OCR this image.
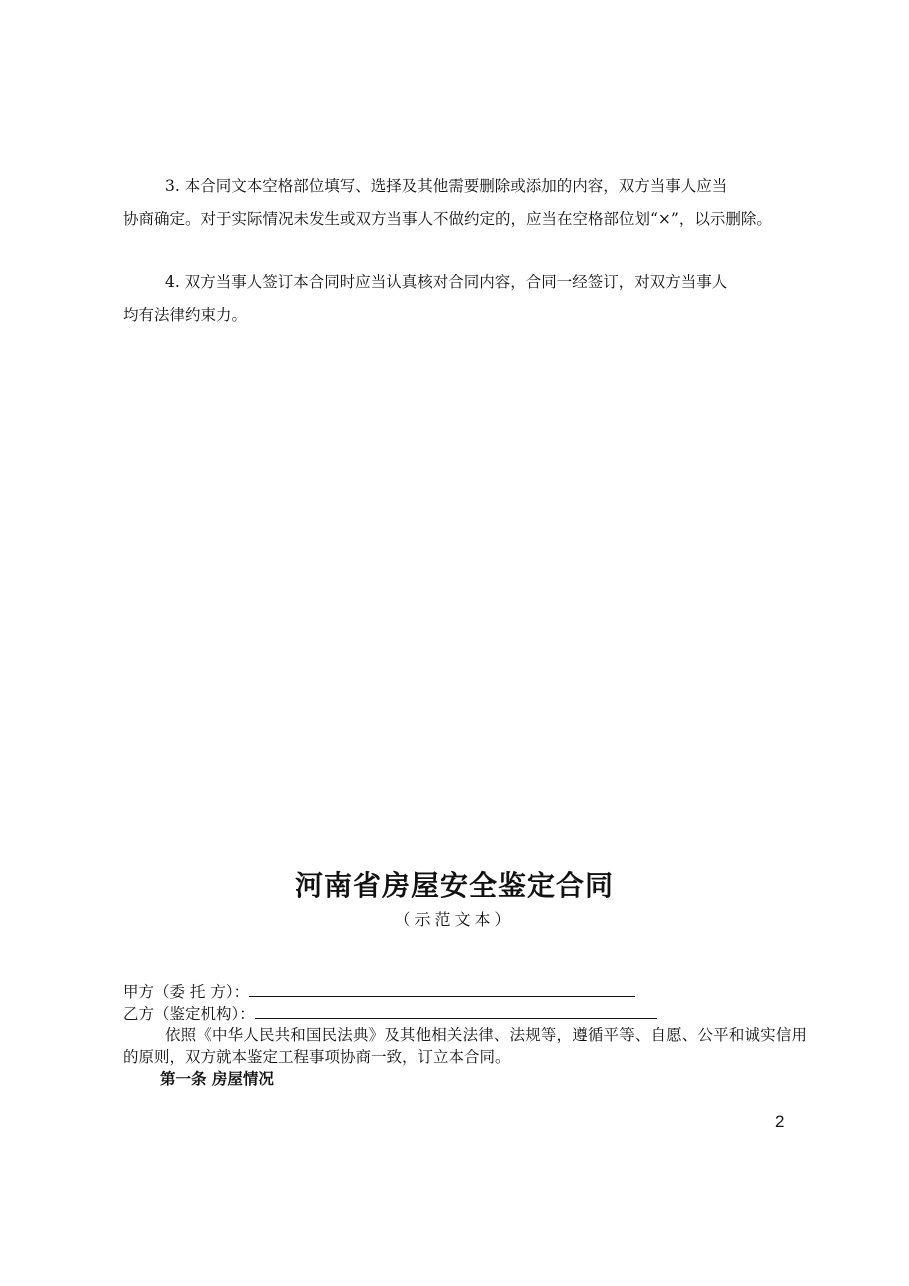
3. 本合同文本空格部位填写、选择及其他需要删除或添加的内容，双方当事人应当
协商确定。对于实际情况未发生或双方当事人不做约定的，应当在空格部位划“×”，以示删除。
4. 双方当事人签订本合同时应当认真核对合同内容，合同一经签订，对双方当事人
均有法律约束力。
河南省房屋安全鉴定合同
（示范文本）
甲方（委 托 方）：
乙方（鉴定机构）：
依照《中华人民共和国民法典》及其他相关法律、法规等，遵循平等、自愿、公平和诚实信用的原则，双方就本鉴定工程事项协商一致，订立本合同。
第一条 房屋情况
2
